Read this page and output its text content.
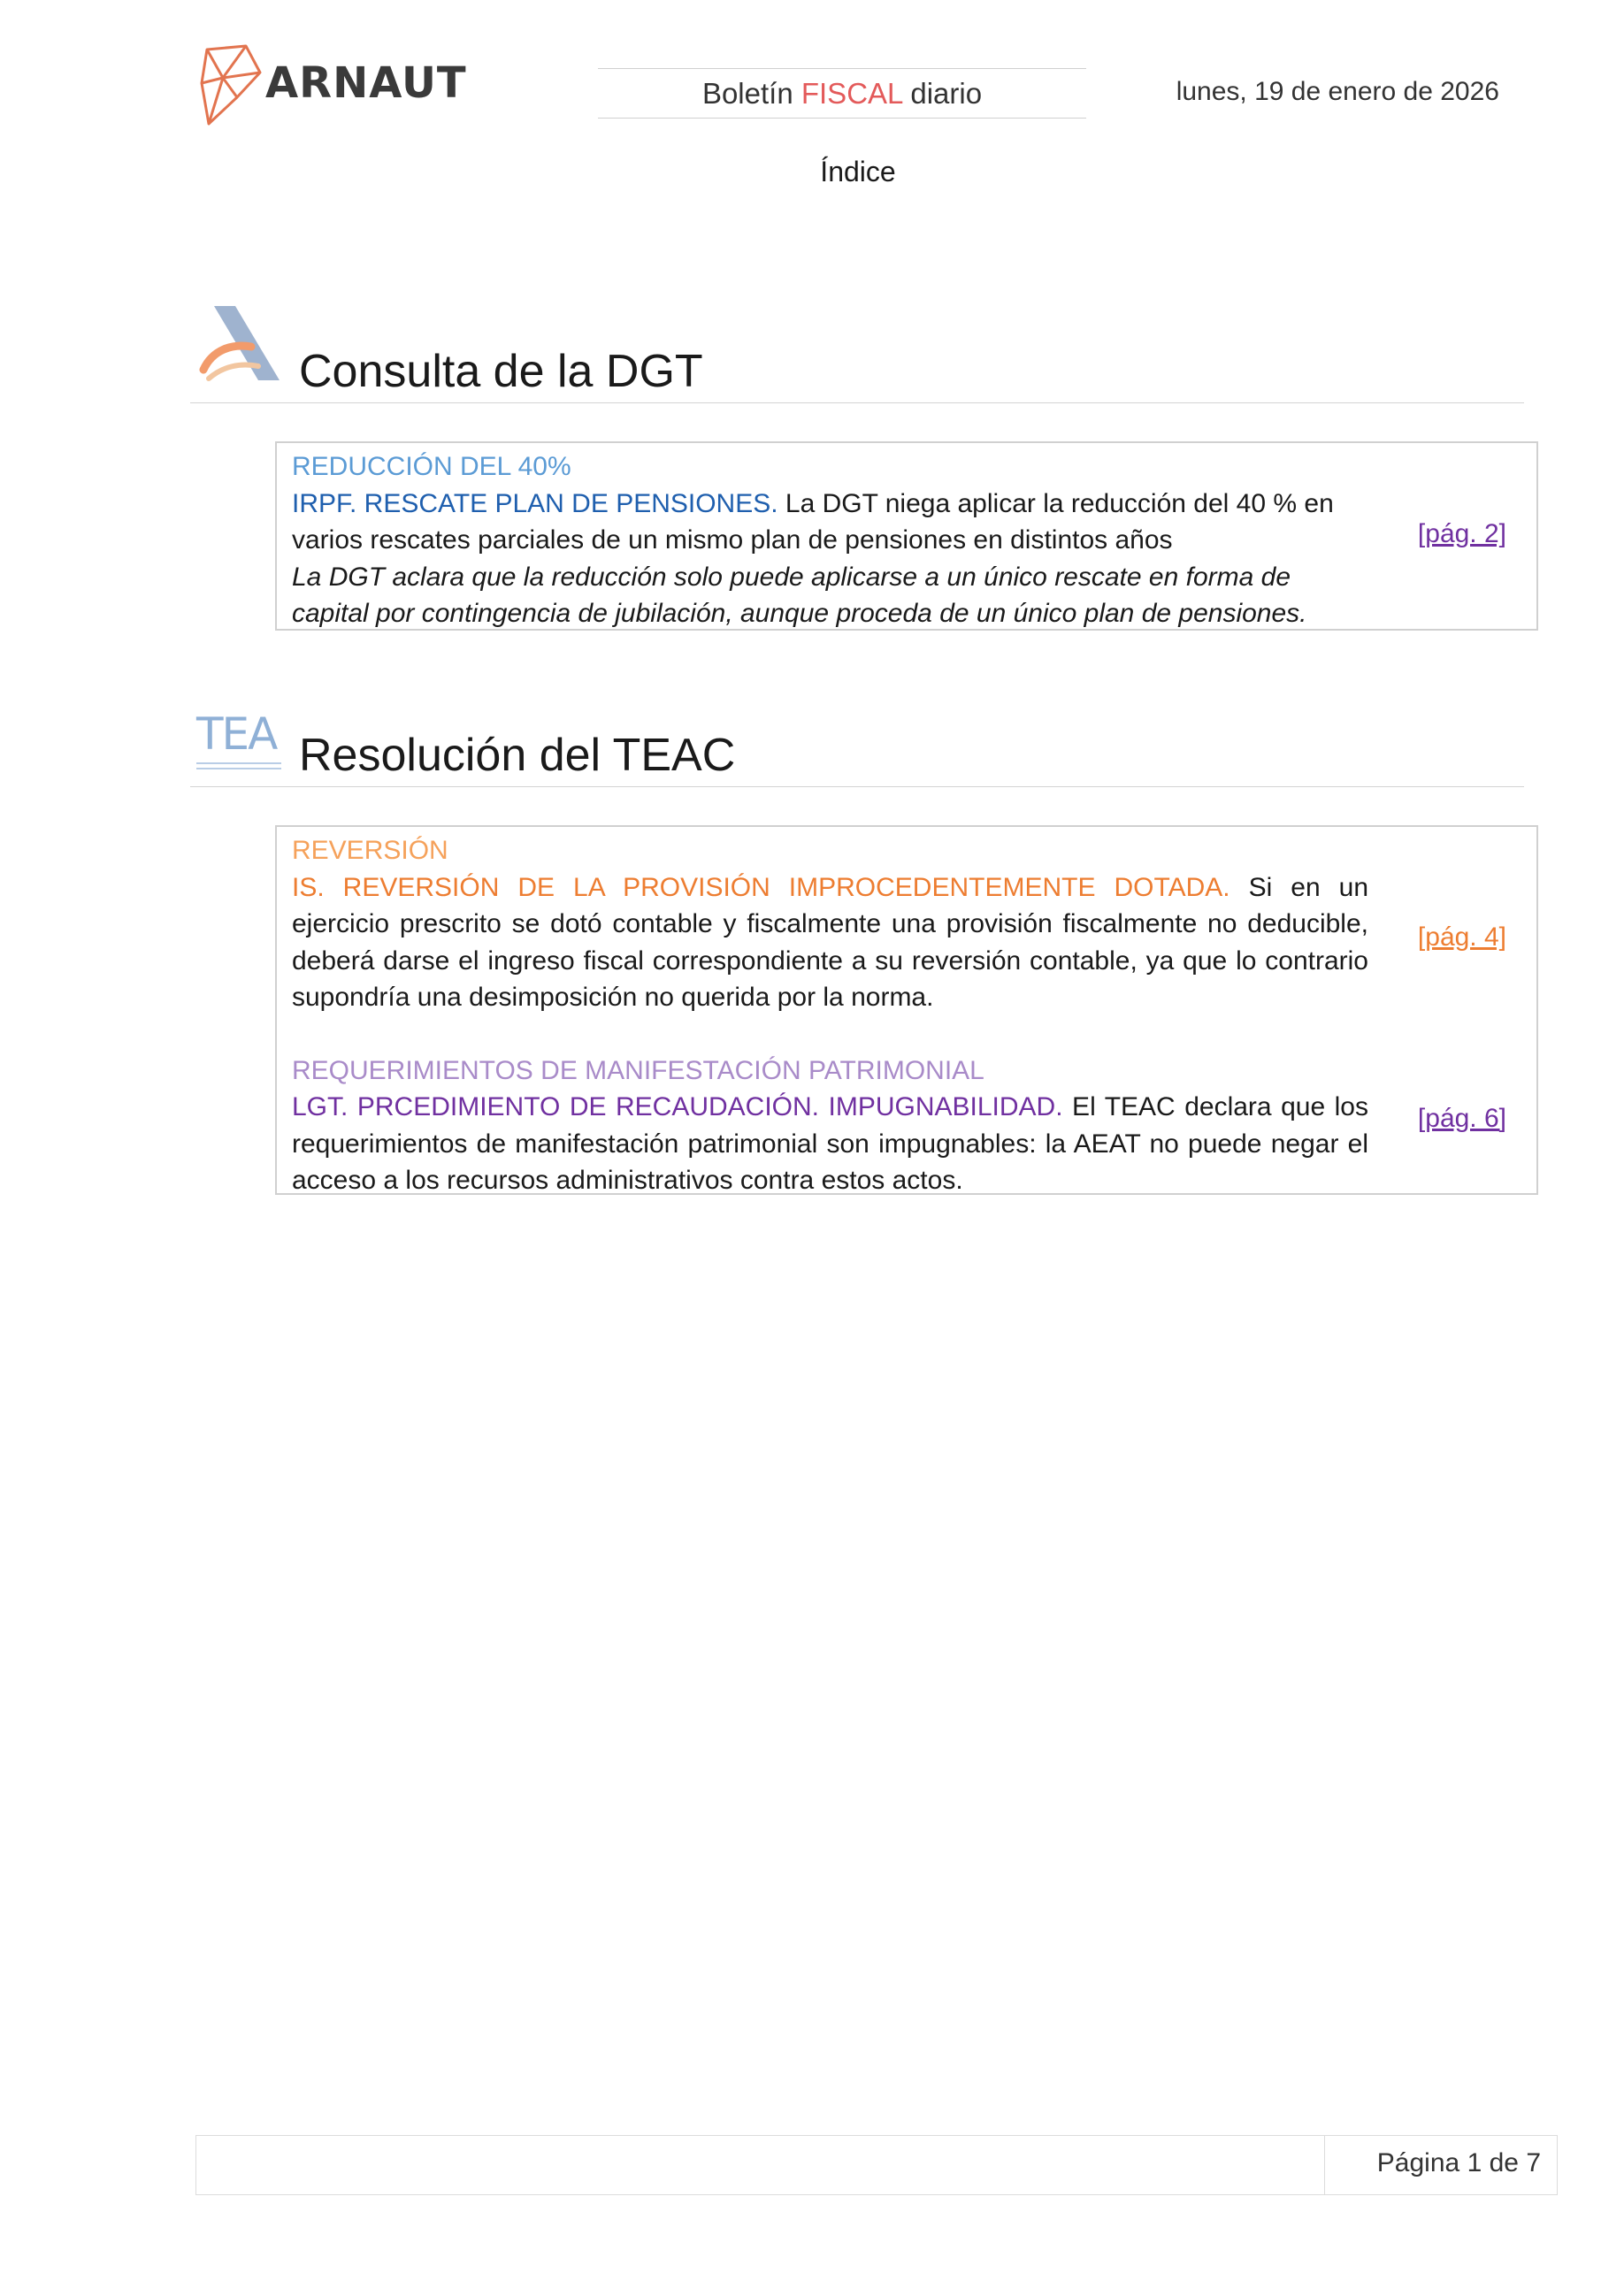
ARNAUT	Boletín FISCAL diario	lunes, 19 de enero de 2026
Índice
Consulta de la DGT
REDUCCIÓN DEL 40%
IRPF. RESCATE PLAN DE PENSIONES. La DGT niega aplicar la reducción del 40 % en varios rescates parciales de un mismo plan de pensiones en distintos años
La DGT aclara que la reducción solo puede aplicarse a un único rescate en forma de capital por contingencia de jubilación, aunque proceda de un único plan de pensiones.
[pág. 2]
TEA Resolución del TEAC
REVERSIÓN
IS. REVERSIÓN DE LA PROVISIÓN IMPROCEDENTEMENTE DOTADA. Si en un ejercicio prescrito se dotó contable y fiscalmente una provisión fiscalmente no deducible, deberá darse el ingreso fiscal correspondiente a su reversión contable, ya que lo contrario supondría una desimposición no querida por la norma.
[pág. 4]
REQUERIMIENTOS DE MANIFESTACIÓN PATRIMONIAL
LGT. PRCEDIMIENTO DE RECAUDACIÓN. IMPUGNABILIDAD. El TEAC declara que los requerimientos de manifestación patrimonial son impugnables: la AEAT no puede negar el acceso a los recursos administrativos contra estos actos.
[pág. 6]
Página 1 de 7
